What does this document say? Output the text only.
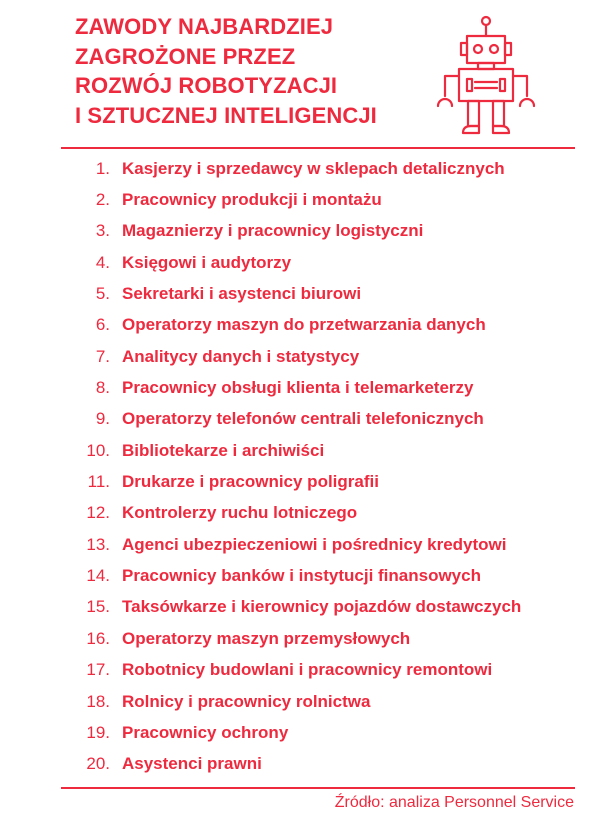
ZAWODY NAJBARDZIEJ
ZAGROŻONE PRZEZ
ROZWÓJ ROBOTYZACJI
I SZTUCZNEJ INTELIGENCJI
1. Kasjerzy i sprzedawcy w sklepach detalicznych
2. Pracownicy produkcji i montażu
3. Magaznierzy i pracownicy logistyczni
4. Księgowi i audytorzy
5. Sekretarki i asystenci biurowi
6. Operatorzy maszyn do przetwarzania danych
7. Analitycy danych i statystycy
8. Pracownicy obsługi klienta i telemarketerzy
9. Operatorzy telefonów centrali telefonicznych
10. Bibliotekarze i archiwiści
11. Drukarze i pracownicy poligrafii
12. Kontrolerzy ruchu lotniczego
13. Agenci ubezpieczeniowi i pośrednicy kredytowi
14. Pracownicy banków i instytucji finansowych
15. Taksówkarze i kierownicy pojazdów dostawczych
16. Operatorzy maszyn przemysłowych
17. Robotnicy budowlani i pracownicy remontowi
18. Rolnicy i pracownicy rolnictwa
19. Pracownicy ochrony
20. Asystenci prawni
Źródło: analiza Personnel Service
